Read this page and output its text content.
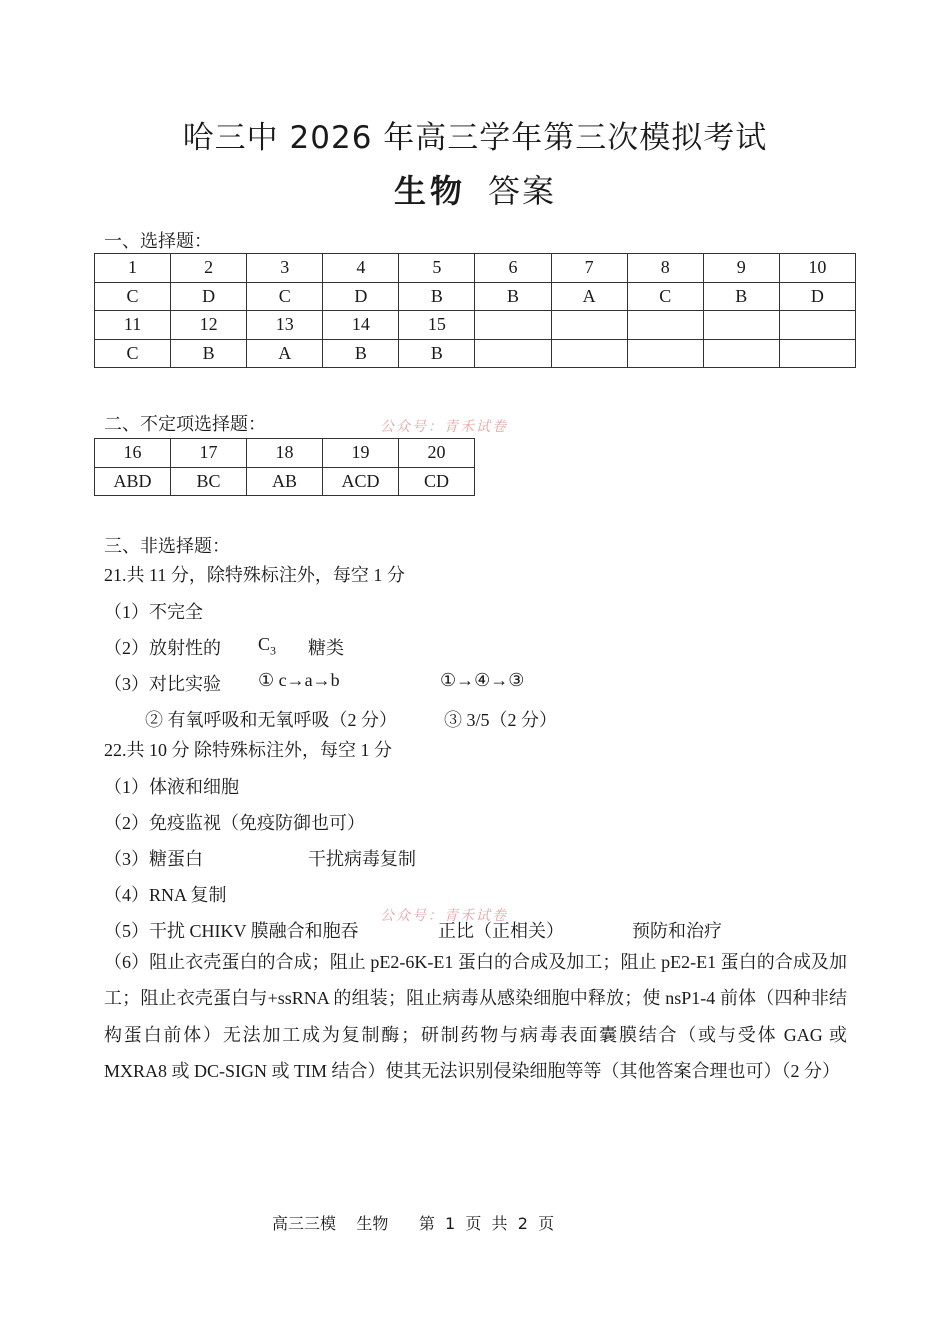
哈三中 2026 年高三学年第三次模拟考试
生物 答案
一、选择题：
1	2	3	4	5	6	7	8	9	10
C	D	C	D	B	B	A	C	B	D
11	12	13	14	15					
C	B	A	B	B					
二、不定项选择题：	公众号：青禾试卷
16	17	18	19	20
ABD	BC	AB	ACD	CD
三、非选择题：
21.共 11 分，除特殊标注外，每空 1 分
（1）不完全
（2）放射性的 $C_3$ 糖类
（3）对比实验 ① c→a→b	①→④→③
② 有氧呼吸和无氧呼吸（2 分）	③ 3/5（2 分）
22.共 10 分 除特殊标注外，每空 1 分
（1）体液和细胞
（2）免疫监视（免疫防御也可）
（3）糖蛋白	干扰病毒复制
（4）RNA 复制
公众号：青禾试卷
（5）干扰 CHIKV 膜融合和胞吞	正比（正相关）	预防和治疗
（6）阻止衣壳蛋白的合成；阻止 pE2-6K-E1 蛋白的合成及加工；阻止 pE2-E1 蛋白的合成及加工；阻止衣壳蛋白与+ssRNA 的组装；阻止病毒从感染细胞中释放；使 nsP1-4 前体（四种非结构蛋白前体）无法加工成为复制酶；研制药物与病毒表面囊膜结合（或与受体 GAG 或 MXRA8 或 DC-SIGN 或 TIM 结合）使其无法识别侵染细胞等等（其他答案合理也可）（2 分）
高三三模    生物      第  1  页  共  2  页
